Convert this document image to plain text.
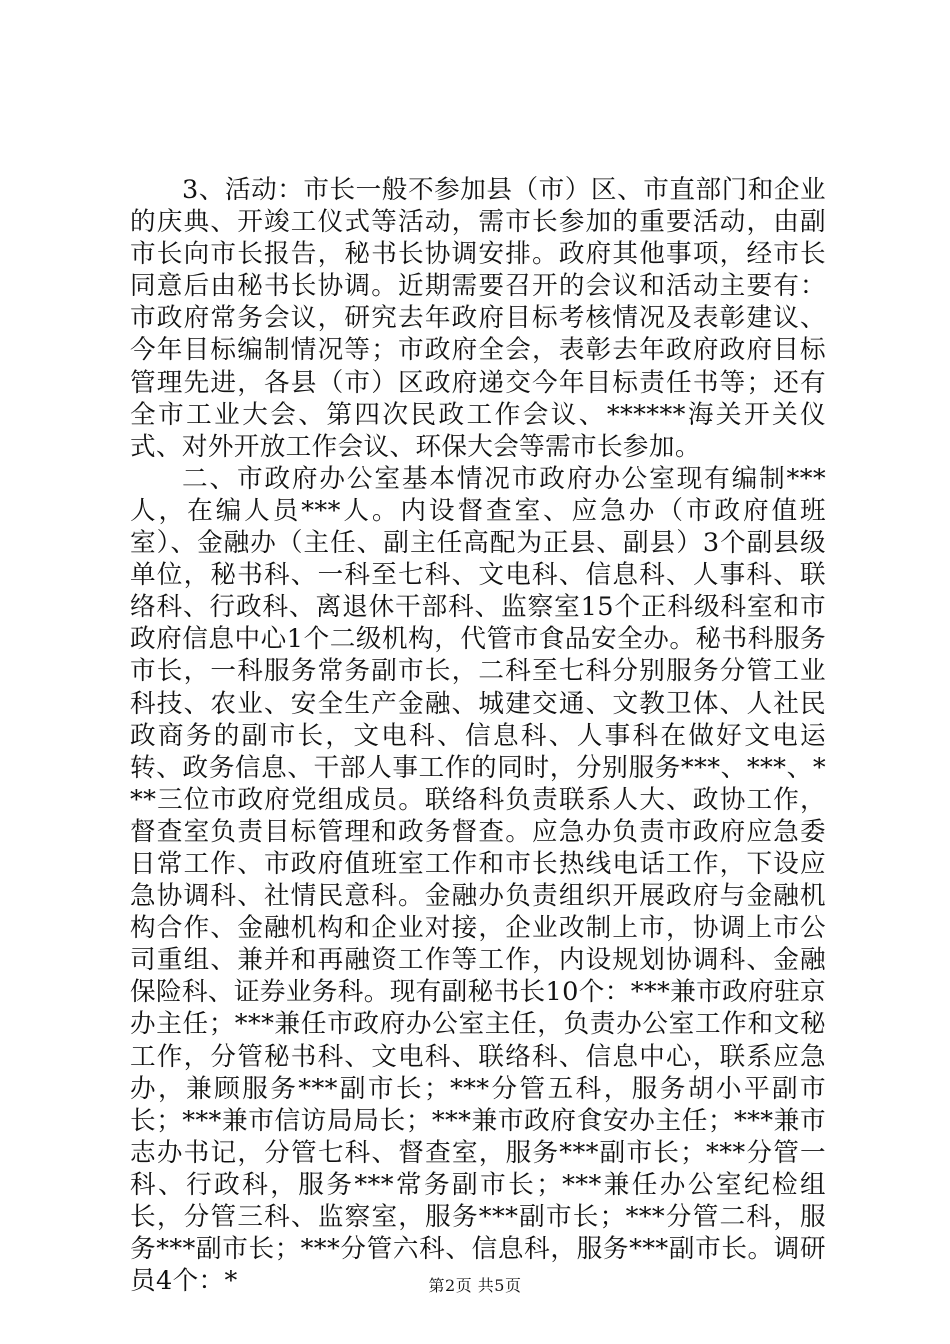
3、活动：市长一般不参加县（市）区、市直部门和企业的庆典、开竣工仪式等活动，需市长参加的重要活动，由副市长向市长报告，秘书长协调安排。政府其他事项，经市长同意后由秘书长协调。近期需要召开的会议和活动主要有：市政府常务会议，研究去年政府目标考核情况及表彰建议、今年目标编制情况等；市政府全会，表彰去年政府政府目标管理先进，各县（市）区政府递交今年目标责任书等；还有全市工业大会、第四次民政工作会议、******海关开关仪式、对外开放工作会议、环保大会等需市长参加。

二、市政府办公室基本情况市政府办公室现有编制***人，在编人员***人。内设督查室、应急办（市政府值班室）、金融办（主任、副主任高配为正县、副县）3个副县级单位，秘书科、一科至七科、文电科、信息科、人事科、联络科、行政科、离退休干部科、监察室15个正科级科室和市政府信息中心1个二级机构，代管市食品安全办。秘书科服务市长，一科服务常务副市长，二科至七科分别服务分管工业科技、农业、安全生产金融、城建交通、文教卫体、人社民政商务的副市长，文电科、信息科、人事科在做好文电运转、政务信息、干部人事工作的同时，分别服务***、***、***三位市政府党组成员。联络科负责联系人大、政协工作，督查室负责目标管理和政务督查。应急办负责市政府应急委日常工作、市政府值班室工作和市长热线电话工作，下设应急协调科、社情民意科。金融办负责组织开展政府与金融机构合作、金融机构和企业对接，企业改制上市，协调上市公司重组、兼并和再融资工作等工作，内设规划协调科、金融保险科、证券业务科。现有副秘书长10个：***兼市政府驻京办主任；***兼任市政府办公室主任，负责办公室工作和文秘工作，分管秘书科、文电科、联络科、信息中心，联系应急办，兼顾服务***副市长；***分管五科，服务胡小平副市长；***兼市信访局局长；***兼市政府食安办主任；***兼市志办书记，分管七科、督查室，服务***副市长；***分管一科、行政科，服务***常务副市长；***兼任办公室纪检组长，分管三科、监察室，服务***副市长；***分管二科，服务***副市长；***分管六科、信息科，服务***副市长。调研员4个：*	第2页 共5页
